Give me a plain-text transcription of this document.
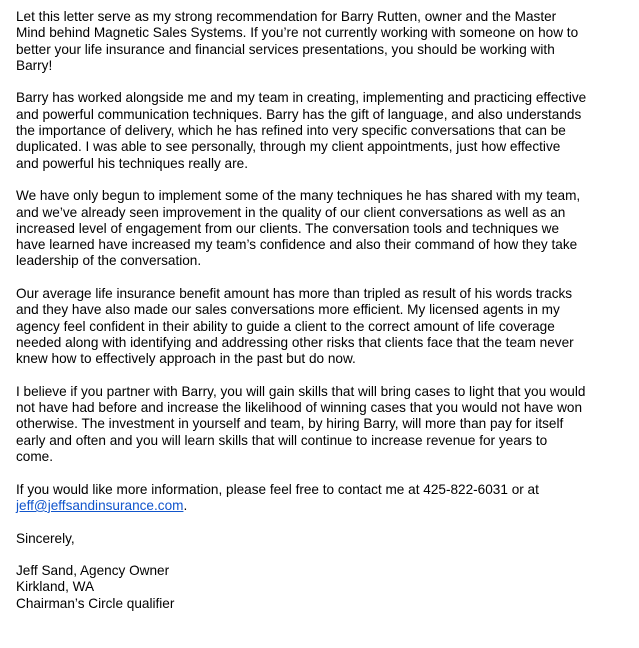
Let this letter serve as my strong recommendation for Barry Rutten, owner and the Master
Mind behind Magnetic Sales Systems. If you’re not currently working with someone on how to
better your life insurance and financial services presentations, you should be working with
Barry!

Barry has worked alongside me and my team in creating, implementing and practicing effective
and powerful communication techniques. Barry has the gift of language, and also understands
the importance of delivery, which he has refined into very specific conversations that can be
duplicated. I was able to see personally, through my client appointments, just how effective
and powerful his techniques really are.

We have only begun to implement some of the many techniques he has shared with my team,
and we’ve already seen improvement in the quality of our client conversations as well as an
increased level of engagement from our clients. The conversation tools and techniques we
have learned have increased my team’s confidence and also their command of how they take
leadership of the conversation.

Our average life insurance benefit amount has more than tripled as result of his words tracks
and they have also made our sales conversations more efficient. My licensed agents in my
agency feel confident in their ability to guide a client to the correct amount of life coverage
needed along with identifying and addressing other risks that clients face that the team never
knew how to effectively approach in the past but do now.

I believe if you partner with Barry, you will gain skills that will bring cases to light that you would
not have had before and increase the likelihood of winning cases that you would not have won
otherwise. The investment in yourself and team, by hiring Barry, will more than pay for itself
early and often and you will learn skills that will continue to increase revenue for years to
come.

If you would like more information, please feel free to contact me at 425-822-6031 or at
jeff@jeffsandinsurance.com.

Sincerely,

Jeff Sand, Agency Owner
Kirkland, WA
Chairman’s Circle qualifier
